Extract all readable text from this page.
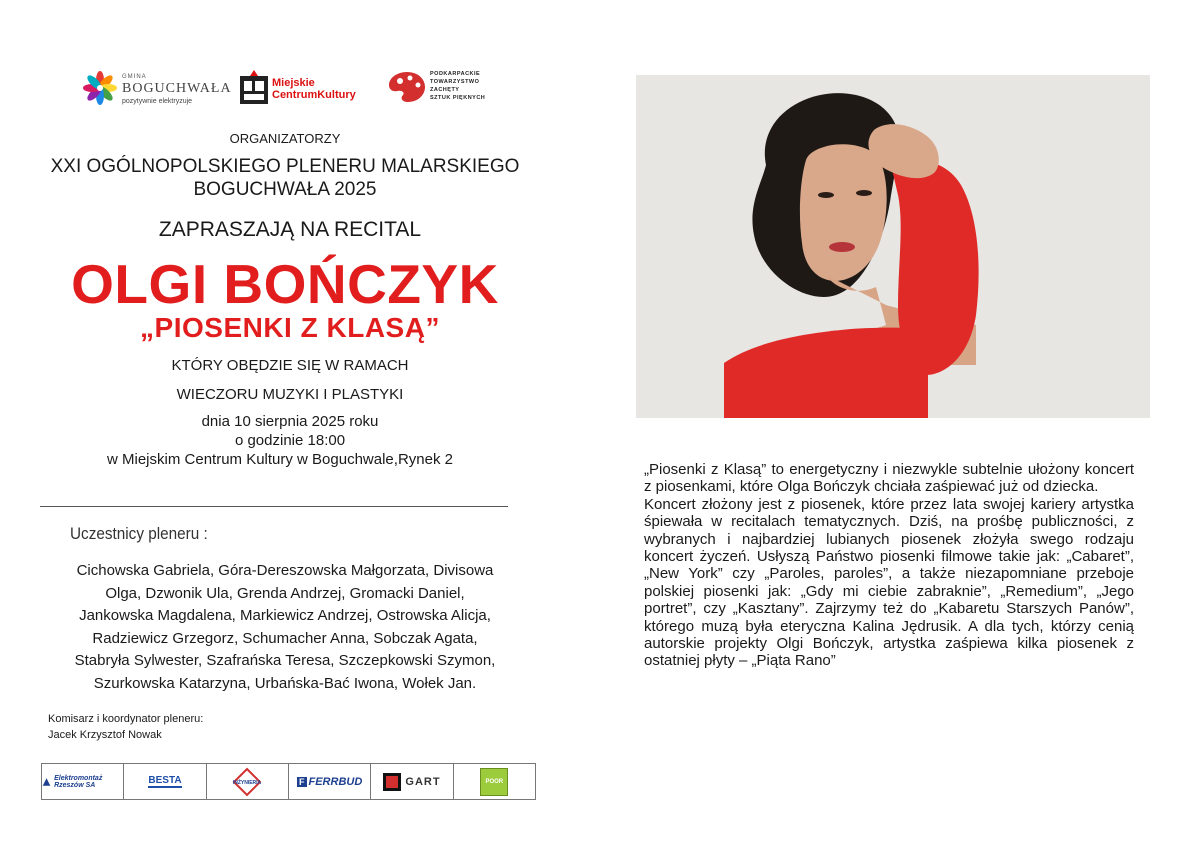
GMINA
BOGUCHWAŁA
pozytywnie elektryzuje
Miejskie
CentrumKultury
PODKARPACKIE
TOWARZYSTWO
ZACHĘTY
SZTUK PIĘKNYCH
ORGANIZATORZY
XXI OGÓLNOPOLSKIEGO PLENERU MALARSKIEGO
BOGUCHWAŁA 2025
ZAPRASZAJĄ NA RECITAL
OLGI BOŃCZYK
„PIOSENKI Z KLASĄ”
KTÓRY OBĘDZIE SIĘ W RAMACH
WIECZORU MUZYKI I PLASTYKI
dnia 10 sierpnia 2025 roku
o godzinie 18:00
w Miejskim Centrum Kultury w Boguchwale,Rynek 2
Uczestnicy pleneru :
Cichowska Gabriela, Góra-Dereszowska Małgorzata, Divisowa
Olga, Dzwonik Ula, Grenda Andrzej, Gromacki Daniel,
Jankowska Magdalena, Markiewicz Andrzej, Ostrowska Alicja,
Radziewicz Grzegorz, Schumacher Anna, Sobczak Agata,
Stabryła Sylwester, Szafrańska Teresa, Szczepkowski Szymon,
Szurkowska Katarzyna, Urbańska-Bać Iwona, Wołek Jan.
Komisarz i koordynator pleneru:
Jacek Krzysztof Nowak
Elektromontaż Rzeszów SA	BESTA	INŻYNIERIA	F FERRBUD	GART	POOR

„Piosenki z Klasą” to energetyczny i niezwykle subtelnie ułożony koncert z piosenkami, które Olga Bończyk chciała zaśpiewać już od dziecka.

Koncert złożony jest z piosenek, które przez lata swojej kariery artystka śpiewała w recitalach tematycznych. Dziś, na prośbę publiczności, z wybranych i najbardziej lubianych piosenek złożyła swego rodzaju koncert życzeń. Usłyszą Państwo piosenki filmowe takie jak: „Cabaret”, „New York” czy „Paroles, paroles”, a także niezapomniane przeboje polskiej piosenki jak: „Gdy mi ciebie zabraknie”, „Remedium”, „Jego portret”, czy „Kasztany”. Zajrzymy też do „Kabaretu Starszych Panów”, którego muzą była eteryczna Kalina Jędrusik. A dla tych, którzy cenią autorskie projekty Olgi Bończyk, artystka zaśpiewa kilka piosenek z ostatniej płyty – „Piąta Rano”
